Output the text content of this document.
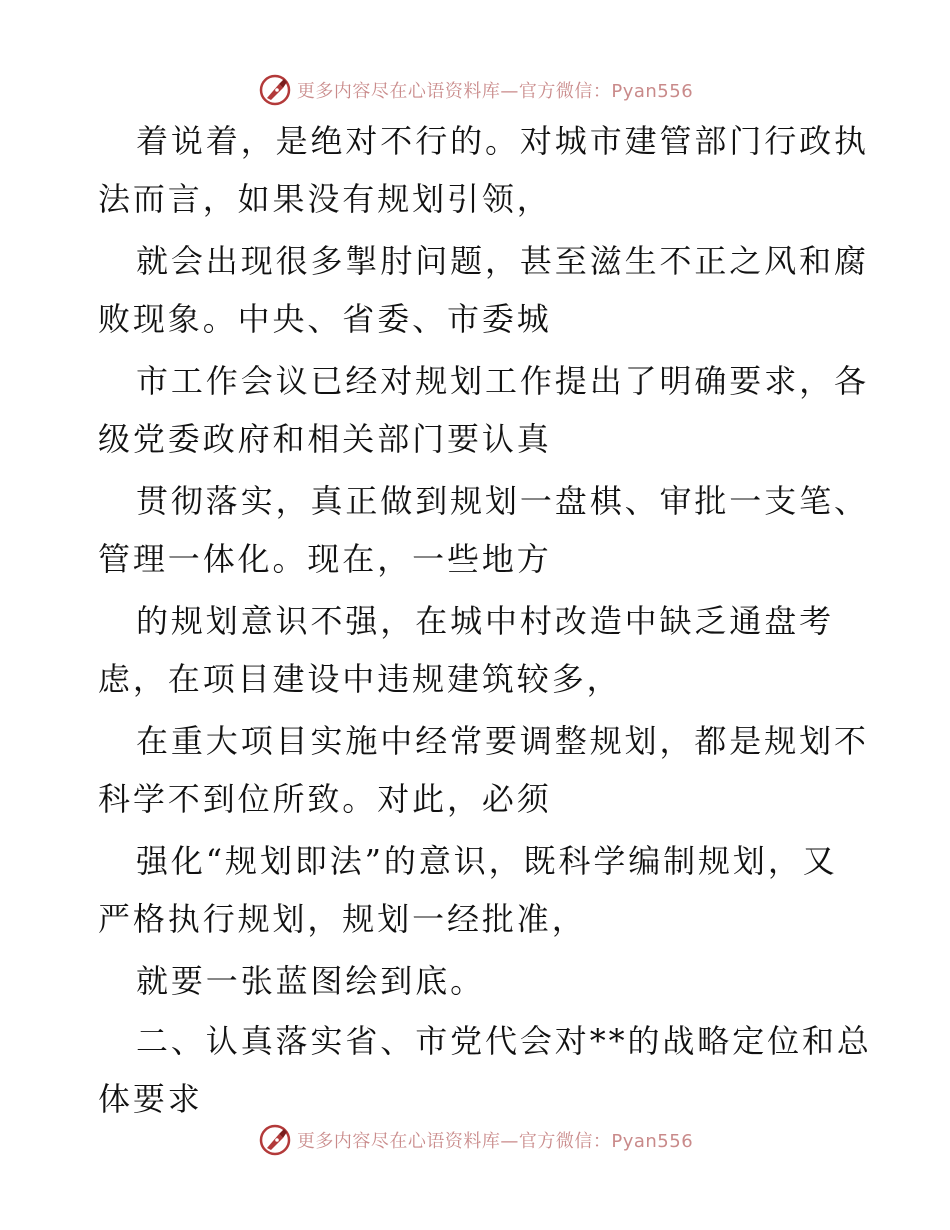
更多内容尽在心语资料库—官方微信：Pyan556
着说着，是绝对不行的。对城市建管部门行政执
法而言，如果没有规划引领，
就会出现很多掣肘问题，甚至滋生不正之风和腐
败现象。中央、省委、市委城
市工作会议已经对规划工作提出了明确要求，各
级党委政府和相关部门要认真
贯彻落实，真正做到规划一盘棋、审批一支笔、
管理一体化。现在，一些地方
的规划意识不强，在城中村改造中缺乏通盘考
虑，在项目建设中违规建筑较多，
在重大项目实施中经常要调整规划，都是规划不
科学不到位所致。对此，必须
强化“规划即法”的意识，既科学编制规划，又
严格执行规划，规划一经批准，
就要一张蓝图绘到底。
二、认真落实省、市党代会对**的战略定位和总
体要求
更多内容尽在心语资料库—官方微信：Pyan556
